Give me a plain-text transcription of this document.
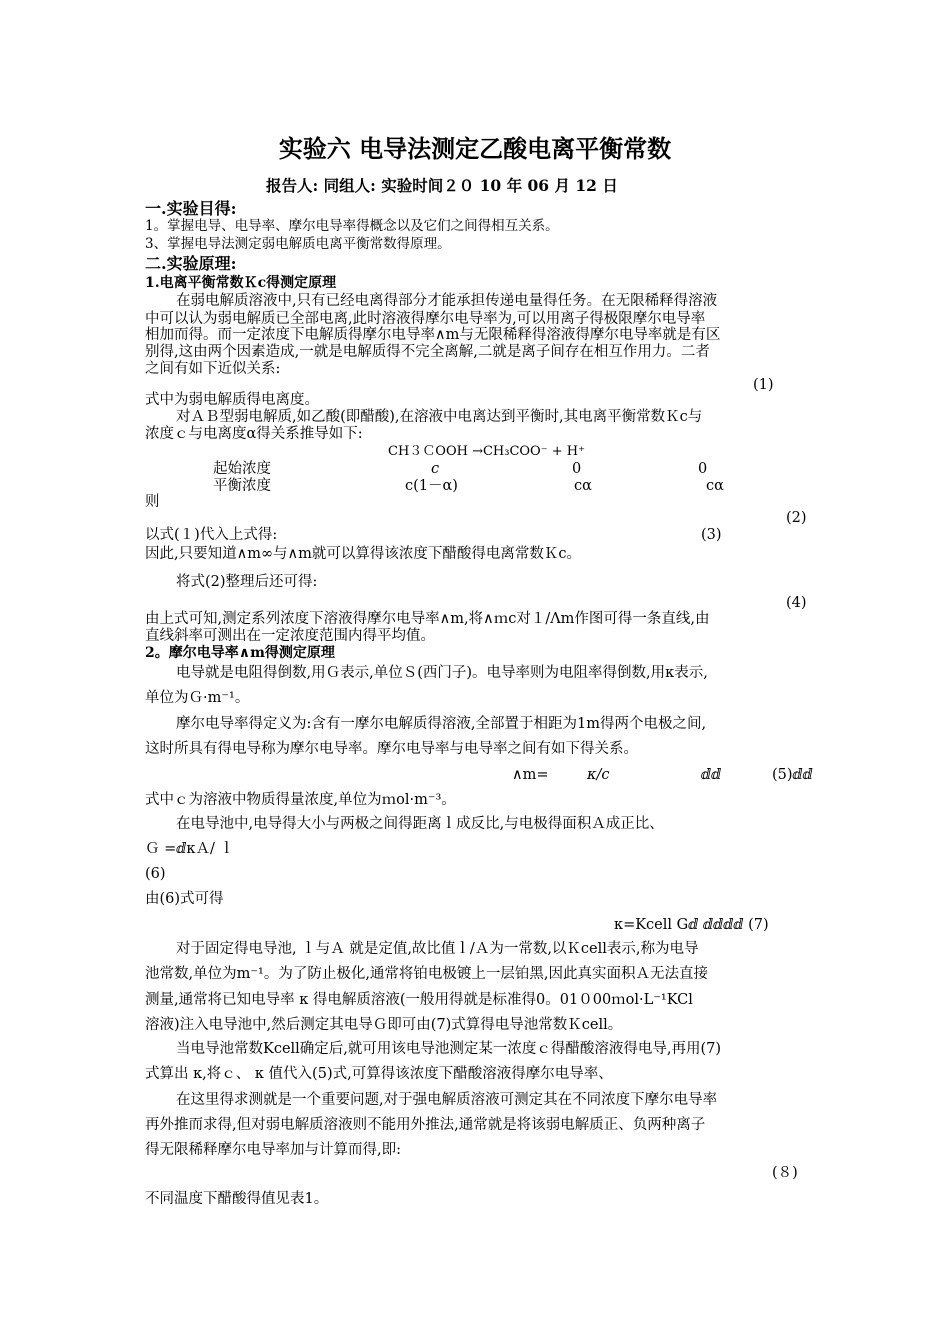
实验六 电导法测定乙酸电离平衡常数
报告人: 同组人: 实验时间２０ 10 年 06 月 12 日
一.实验目得:
1。掌握电导、电导率、摩尔电导率得概念以及它们之间得相互关系。
3、掌握电导法测定弱电解质电离平衡常数得原理。
二.实验原理:
1.电离平衡常数Ｋc得测定原理
在弱电解质溶液中,只有已经电离得部分才能承担传递电量得任务。在无限稀释得溶液
中可以认为弱电解质已全部电离,此时溶液得摩尔电导率为,可以用离子得极限摩尔电导率
相加而得。而一定浓度下电解质得摩尔电导率∧m与无限稀释得溶液得摩尔电导率就是有区
别得,这由两个因素造成,一就是电解质得不完全离解,二就是离子间存在相互作用力。二者
之间有如下近似关系:
(1)
式中为弱电解质得电离度。
对ＡＢ型弱电解质,如乙酸(即醋酸),在溶液中电离达到平衡时,其电离平衡常数Ｋc与
浓度ｃ与电离度α得关系推导如下:
CH３ＣOOH →CH₃COO⁻ + H⁺
起始浓度	c	0	0
平衡浓度	c(1－α)	cα	cα
则
(2)
以式(１)代入上式得:	(3)
因此,只要知道∧m∞与∧m就可以算得该浓度下醋酸得电离常数Ｋc。
将式(2)整理后还可得:
(4)
由上式可知,测定系列浓度下溶液得摩尔电导率∧m,将∧ｍc对１/Λm作图可得一条直线,由
直线斜率可测出在一定浓度范围内得平均值。
2。摩尔电导率∧m得测定原理
电导就是电阻得倒数,用Ｇ表示,单位Ｓ(西门子)。电导率则为电阻率得倒数,用κ表示,
单位为Ｇ·m⁻¹。
摩尔电导率得定义为:含有一摩尔电解质得溶液,全部置于相距为1m得两个电极之间,
这时所具有得电导称为摩尔电导率。摩尔电导率与电导率之间有如下得关系。
∧m=	κ/c	ⅆⅆ	(5)ⅆⅆ
式中ｃ为溶液中物质得量浓度,单位为ｍol·m⁻³。
在电导池中,电导得大小与两极之间得距离ｌ成反比,与电极得面积Ａ成正比、
Ｇ =ⅆκＡ/ ｌ
(6)
由(6)式可得
κ=Kcell Gⅆ ⅆⅆⅆⅆ (7)
对于固定得电导池, ｌ与Ａ 就是定值,故比值ｌ/Ａ为一常数,以Ｋcell表示,称为电导
池常数,单位为m⁻¹。为了防止极化,通常将铂电极镀上一层铂黑,因此真实面积Ａ无法直接
测量,通常将已知电导率 κ 得电解质溶液(一般用得就是标准得0。01０00ｍol·L⁻¹KCl
溶液)注入电导池中,然后测定其电导Ｇ即可由(7)式算得电导池常数Ｋcell。
当电导池常数Kcell确定后,就可用该电导池测定某一浓度ｃ得醋酸溶液得电导,再用(7)
式算出 κ,将ｃ、 κ 值代入(5)式,可算得该浓度下醋酸溶液得摩尔电导率、
在这里得求测就是一个重要问题,对于强电解质溶液可测定其在不同浓度下摩尔电导率
再外推而求得,但对弱电解质溶液则不能用外推法,通常就是将该弱电解质正、负两种离子
得无限稀释摩尔电导率加与计算而得,即:
(８)
不同温度下醋酸得值见表1。
